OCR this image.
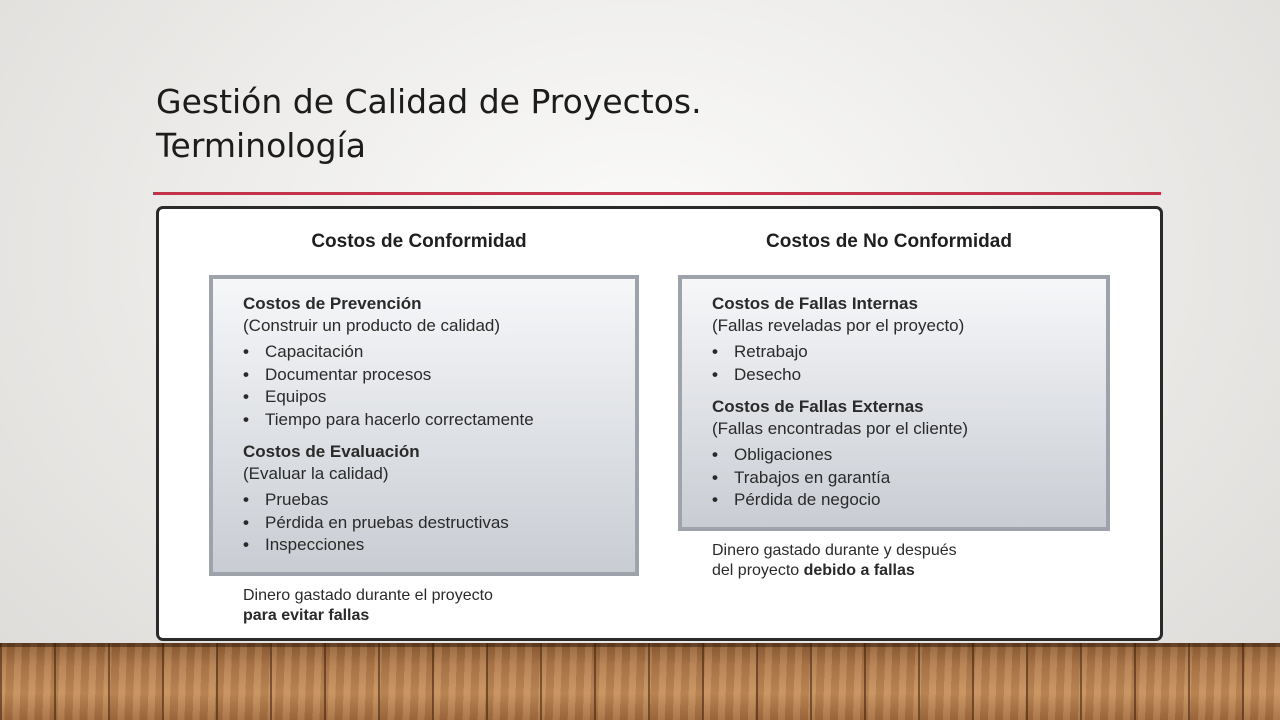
Gestión de Calidad de Proyectos.
Terminología
Costos de Conformidad
Costos de Prevención
(Construir un producto de calidad)
• Capacitación
• Documentar procesos
• Equipos
• Tiempo para hacerlo correctamente
Costos de Evaluación
(Evaluar la calidad)
• Pruebas
• Pérdida en pruebas destructivas
• Inspecciones

Dinero gastado durante el proyecto
para evitar fallas

Costos de No Conformidad
Costos de Fallas Internas
(Fallas reveladas por el proyecto)
• Retrabajo
• Desecho
Costos de Fallas Externas
(Fallas encontradas por el cliente)
• Obligaciones
• Trabajos en garantía
• Pérdida de negocio

Dinero gastado durante y después
del proyecto debido a fallas
